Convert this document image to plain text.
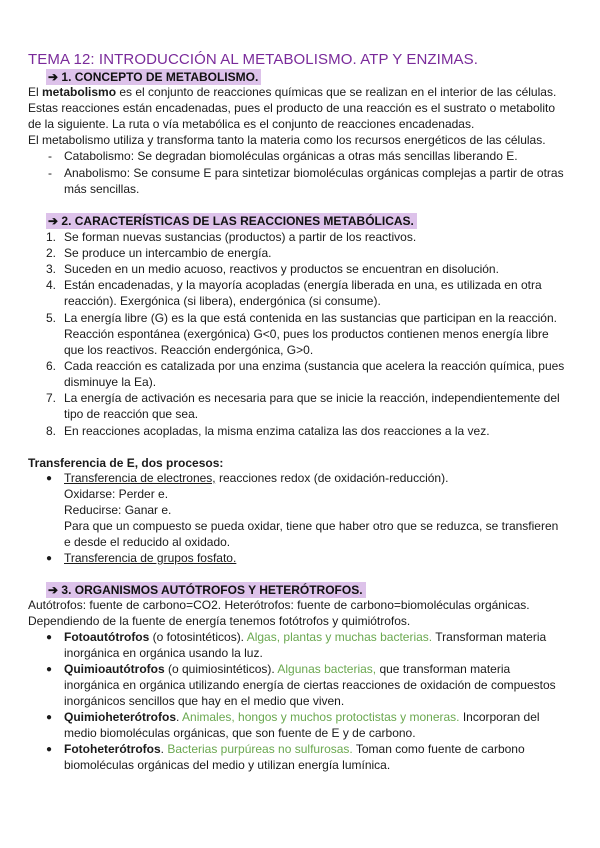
TEMA 12: INTRODUCCIÓN AL METABOLISMO. ATP Y ENZIMAS.
➔ 1. CONCEPTO DE METABOLISMO.
El metabolismo es el conjunto de reacciones químicas que se realizan en el interior de las células.
Estas reacciones están encadenadas, pues el producto de una reacción es el sustrato o metabolito
de la siguiente. La ruta o vía metabólica es el conjunto de reacciones encadenadas.
El metabolismo utiliza y transforma tanto la materia como los recursos energéticos de las células.
- Catabolismo: Se degradan biomoléculas orgánicas a otras más sencillas liberando E.
- Anabolismo: Se consume E para sintetizar biomoléculas orgánicas complejas a partir de otras
más sencillas.
➔ 2. CARACTERÍSTICAS DE LAS REACCIONES METABÓLICAS.
1. Se forman nuevas sustancias (productos) a partir de los reactivos.
2. Se produce un intercambio de energía.
3. Suceden en un medio acuoso, reactivos y productos se encuentran en disolución.
4. Están encadenadas, y la mayoría acopladas (energía liberada en una, es utilizada en otra
reacción). Exergónica (si libera), endergónica (si consume).
5. La energía libre (G) es la que está contenida en las sustancias que participan en la reacción.
Reacción espontánea (exergónica) G<0, pues los productos contienen menos energía libre
que los reactivos. Reacción endergónica, G>0.
6. Cada reacción es catalizada por una enzima (sustancia que acelera la reacción química, pues
disminuye la Ea).
7. La energía de activación es necesaria para que se inicie la reacción, independientemente del
tipo de reacción que sea.
8. En reacciones acopladas, la misma enzima cataliza las dos reacciones a la vez.
Transferencia de E, dos procesos:
● Transferencia de electrones, reacciones redox (de oxidación-reducción).
Oxidarse: Perder e.
Reducirse: Ganar e.
Para que un compuesto se pueda oxidar, tiene que haber otro que se reduzca, se transfieren
e desde el reducido al oxidado.
● Transferencia de grupos fosfato.
➔ 3. ORGANISMOS AUTÓTROFOS Y HETERÓTROFOS.
Autótrofos: fuente de carbono=CO2. Heterótrofos: fuente de carbono=biomoléculas orgánicas.
Dependiendo de la fuente de energía tenemos fotótrofos y quimiótrofos.
● Fotoautótrofos (o fotosintéticos). Algas, plantas y muchas bacterias. Transforman materia
inorgánica en orgánica usando la luz.
● Quimioautótrofos (o quimiosintéticos). Algunas bacterias, que transforman materia
inorgánica en orgánica utilizando energía de ciertas reacciones de oxidación de compuestos
inorgánicos sencillos que hay en el medio que viven.
● Quimioheterótrofos. Animales, hongos y muchos protoctistas y moneras. Incorporan del
medio biomoléculas orgánicas, que son fuente de E y de carbono.
● Fotoheterótrofos. Bacterias purpúreas no sulfurosas. Toman como fuente de carbono
biomoléculas orgánicas del medio y utilizan energía lumínica.
